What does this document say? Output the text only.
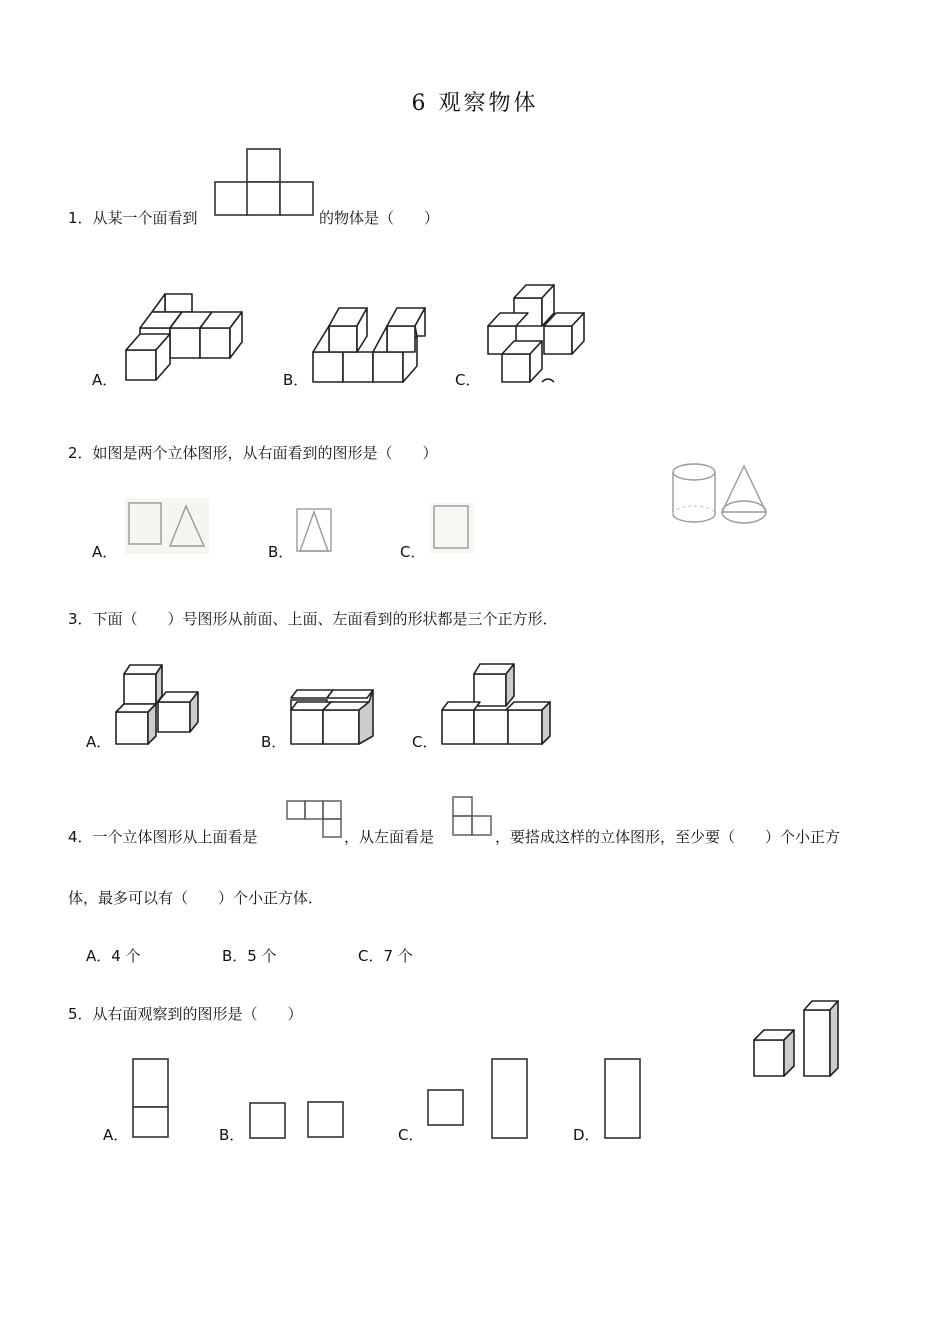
6 观察物体
1．从某一个面看到	的物体是（　　）
A．	B．	C．
2．如图是两个立体图形，从右面看到的图形是（　　）
A．	B．	C．
3．下面（　　）号图形从前面、上面、左面看到的形状都是三个正方形．
A．	B．	C．
4．一个立体图形从上面看是	，从左面看是	，要搭成这样的立体图形，至少要（　　）个小正方
体，最多可以有（　　）个小正方体．
A．4 个	B．5 个	C．7 个
5．从右面观察到的图形是（　　）
A．	B．	C．	D．
